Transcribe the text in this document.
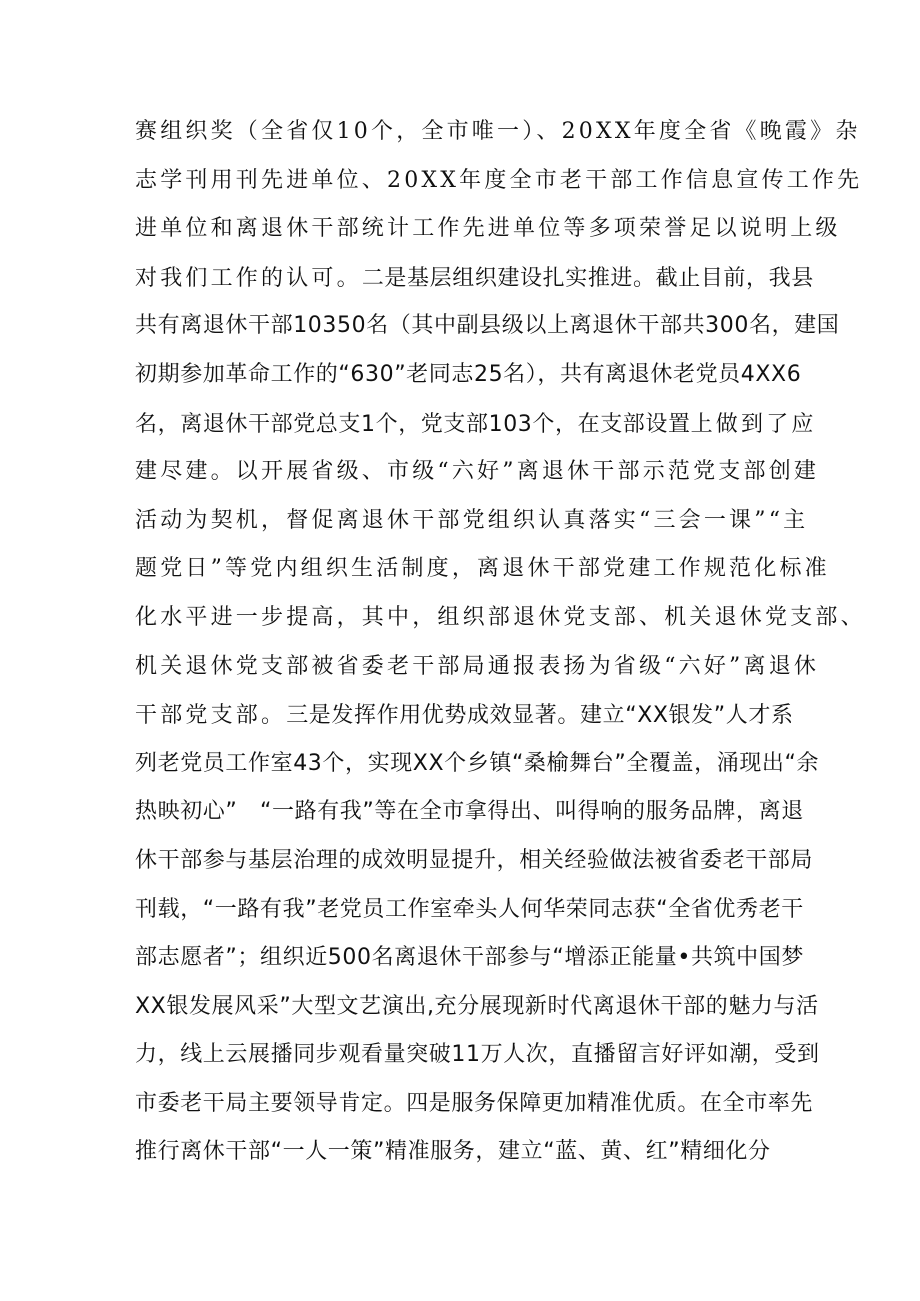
赛组织奖（全省仅10个，全市唯一）、20XX年度全省《晚霞》杂
志学刊用刊先进单位、20XX年度全市老干部工作信息宣传工作先
进单位和离退休干部统计工作先进单位等多项荣誉足以说明上级
对我们工作的认可。二是基层组织建设扎实推进。截止目前，我县
共有离退休干部10350名（其中副县级以上离退休干部共300名，建国
初期参加革命工作的“630”老同志25名），共有离退休老党员4XX6
名，离退休干部党总支1个，党支部103个，在支部设置上做到了应
建尽建。以开展省级、市级“六好”离退休干部示范党支部创建
活动为契机，督促离退休干部党组织认真落实“三会一课”“主
题党日”等党内组织生活制度，离退休干部党建工作规范化标准
化水平进一步提高，其中，组织部退休党支部、机关退休党支部、
机关退休党支部被省委老干部局通报表扬为省级“六好”离退休
干部党支部。三是发挥作用优势成效显著。建立“XX银发”人才系
列老党员工作室43个，实现XX个乡镇“桑榆舞台”全覆盖，涌现出“余
热映初心”　“一路有我”等在全市拿得出、叫得响的服务品牌，离退
休干部参与基层治理的成效明显提升，相关经验做法被省委老干部局
刊载，“一路有我”老党员工作室牵头人何华荣同志获“全省优秀老干
部志愿者”；组织近500名离退休干部参与“增添正能量•共筑中国梦
XX银发展风采”大型文艺演出,充分展现新时代离退休干部的魅力与活
力，线上云展播同步观看量突破11万人次，直播留言好评如潮，受到
市委老干局主要领导肯定。四是服务保障更加精准优质。在全市率先
推行离休干部“一人一策”精准服务，建立“蓝、黄、红”精细化分
